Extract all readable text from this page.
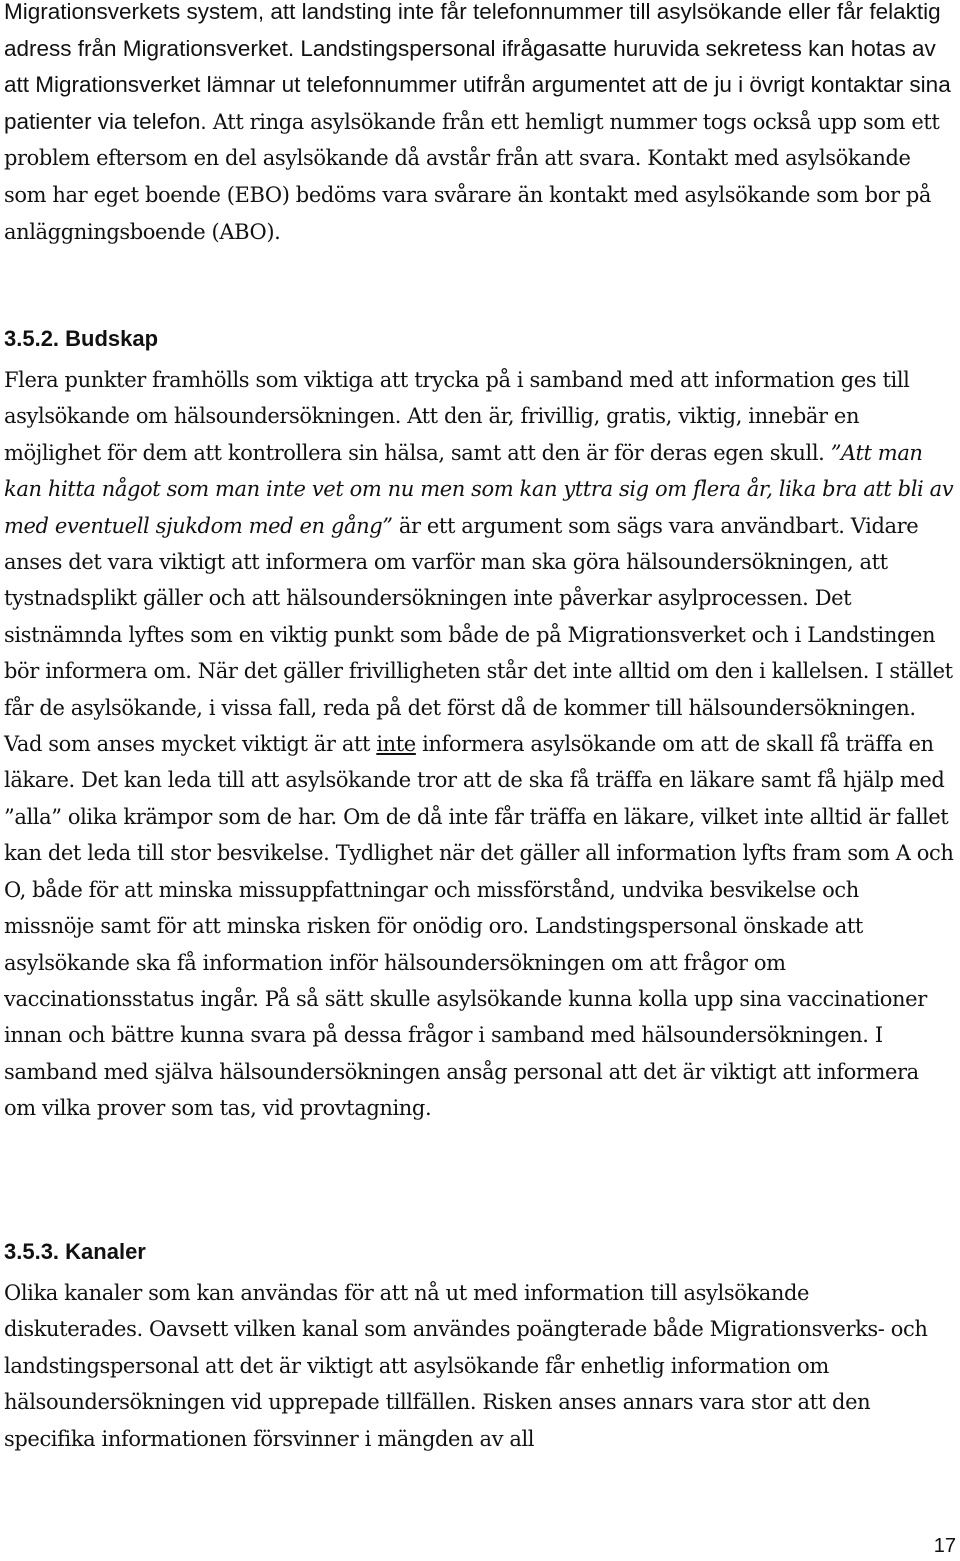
Migrationsverkets system, att landsting inte får telefonnummer till asylsökande eller får felaktig adress från Migrationsverket. Landstingspersonal ifrågasatte huruvida sekretess kan hotas av att Migrationsverket lämnar ut telefonnummer utifrån argumentet att de ju i övrigt kontaktar sina patienter via telefon. Att ringa asylsökande från ett hemligt nummer togs också upp som ett problem eftersom en del asylsökande då avstår från att svara. Kontakt med asylsökande som har eget boende (EBO) bedöms vara svårare än kontakt med asylsökande som bor på anläggningsboende (ABO).

3.5.2. Budskap

Flera punkter framhölls som viktiga att trycka på i samband med att information ges till asylsökande om hälsoundersökningen. Att den är, frivillig, gratis, viktig, innebär en möjlighet för dem att kontrollera sin hälsa, samt att den är för deras egen skull. ”Att man kan hitta något som man inte vet om nu men som kan yttra sig om flera år, lika bra att bli av med eventuell sjukdom med en gång” är ett argument som sägs vara användbart. Vidare anses det vara viktigt att informera om varför man ska göra hälsoundersökningen, att tystnadsplikt gäller och att hälsoundersökningen inte påverkar asylprocessen. Det sistnämnda lyftes som en viktig punkt som både de på Migrationsverket och i Landstingen bör informera om. När det gäller frivilligheten står det inte alltid om den i kallelsen. I stället får de asylsökande, i vissa fall, reda på det först då de kommer till hälsoundersökningen. Vad som anses mycket viktigt är att inte informera asylsökande om att de skall få träffa en läkare. Det kan leda till att asylsökande tror att de ska få träffa en läkare samt få hjälp med ”alla” olika krämpor som de har. Om de då inte får träffa en läkare, vilket inte alltid är fallet kan det leda till stor besvikelse. Tydlighet när det gäller all information lyfts fram som A och O, både för att minska missuppfattningar och missförstånd, undvika besvikelse och missnöje samt för att minska risken för onödig oro. Landstingspersonal önskade att asylsökande ska få information inför hälsoundersökningen om att frågor om vaccinationsstatus ingår. På så sätt skulle asylsökande kunna kolla upp sina vaccinationer innan och bättre kunna svara på dessa frågor i samband med hälsoundersökningen. I samband med själva hälsoundersökningen ansåg personal att det är viktigt att informera om vilka prover som tas, vid provtagning.

3.5.3. Kanaler

Olika kanaler som kan användas för att nå ut med information till asylsökande diskuterades. Oavsett vilken kanal som användes poängterade både Migrationsverks- och landstingspersonal att det är viktigt att asylsökande får enhetlig information om hälsoundersökningen vid upprepade tillfällen. Risken anses annars vara stor att den specifika informationen försvinner i mängden av all

17
